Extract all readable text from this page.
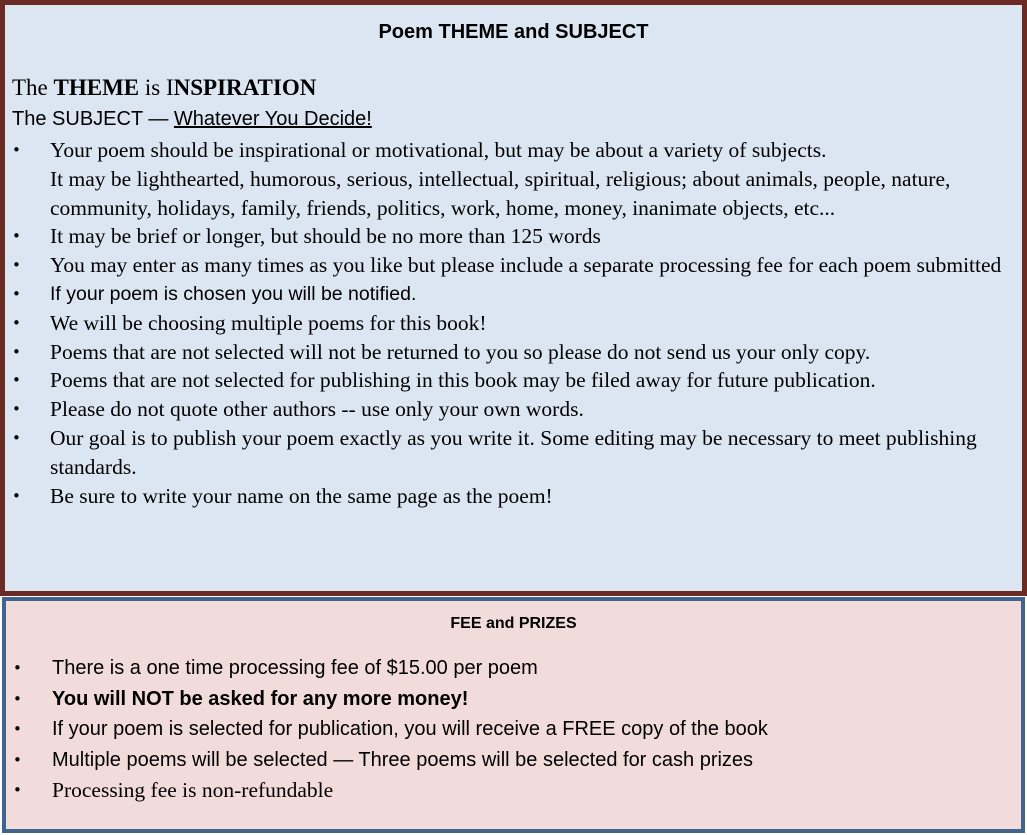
Poem THEME and SUBJECT
The THEME is INSPIRATION
The SUBJECT — Whatever You Decide!
• Your poem should be inspirational or motivational, but may be about a variety of subjects.
It may be lighthearted, humorous, serious, intellectual, spiritual, religious; about animals, people, nature, community, holidays, family, friends, politics, work, home, money, inanimate objects, etc...
• It may be brief or longer, but should be no more than 125 words
• You may enter as many times as you like but please include a separate processing fee for each poem submitted
• If your poem is chosen you will be notified.
• We will be choosing multiple poems for this book!
• Poems that are not selected will not be returned to you so please do not send us your only copy.
• Poems that are not selected for publishing in this book may be filed away for future publication.
• Please do not quote other authors -- use only your own words.
• Our goal is to publish your poem exactly as you write it. Some editing may be necessary to meet publishing standards.
• Be sure to write your name on the same page as the poem!
FEE and PRIZES
• There is a one time processing fee of $15.00 per poem
• You will NOT be asked for any more money!
• If your poem is selected for publication, you will receive a FREE copy of the book
• Multiple poems will be selected — Three poems will be selected for cash prizes
• Processing fee is non-refundable
